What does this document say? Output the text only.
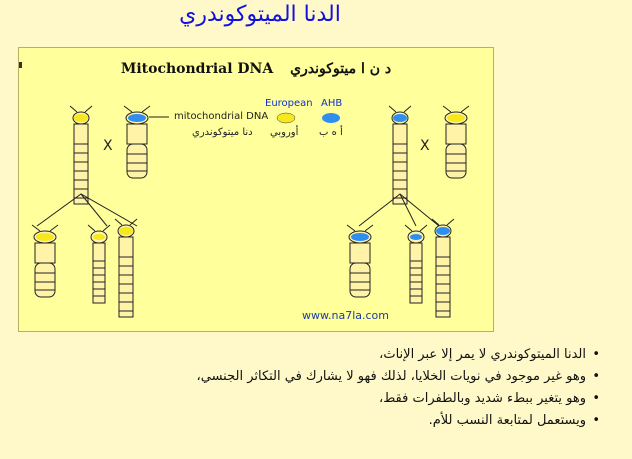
الدنا الميتوكوندري
Mitochondrial DNA د ن ا ميتوكوندري
X	X
mitochondrial DNA
دنا ميتوكوندري
European
أوروبي
AHB
أ ه ب
www.na7la.com
• الدنا الميتوكوندري لا يمر إلا عبر الإناث،
• وهو غير موجود في نويات الخلايا، لذلك فهو لا يشارك في التكاثر الجنسي،
• وهو يتغير ببطء شديد وبالطفرات فقط،
• ويستعمل لمتابعة النسب للأم.
